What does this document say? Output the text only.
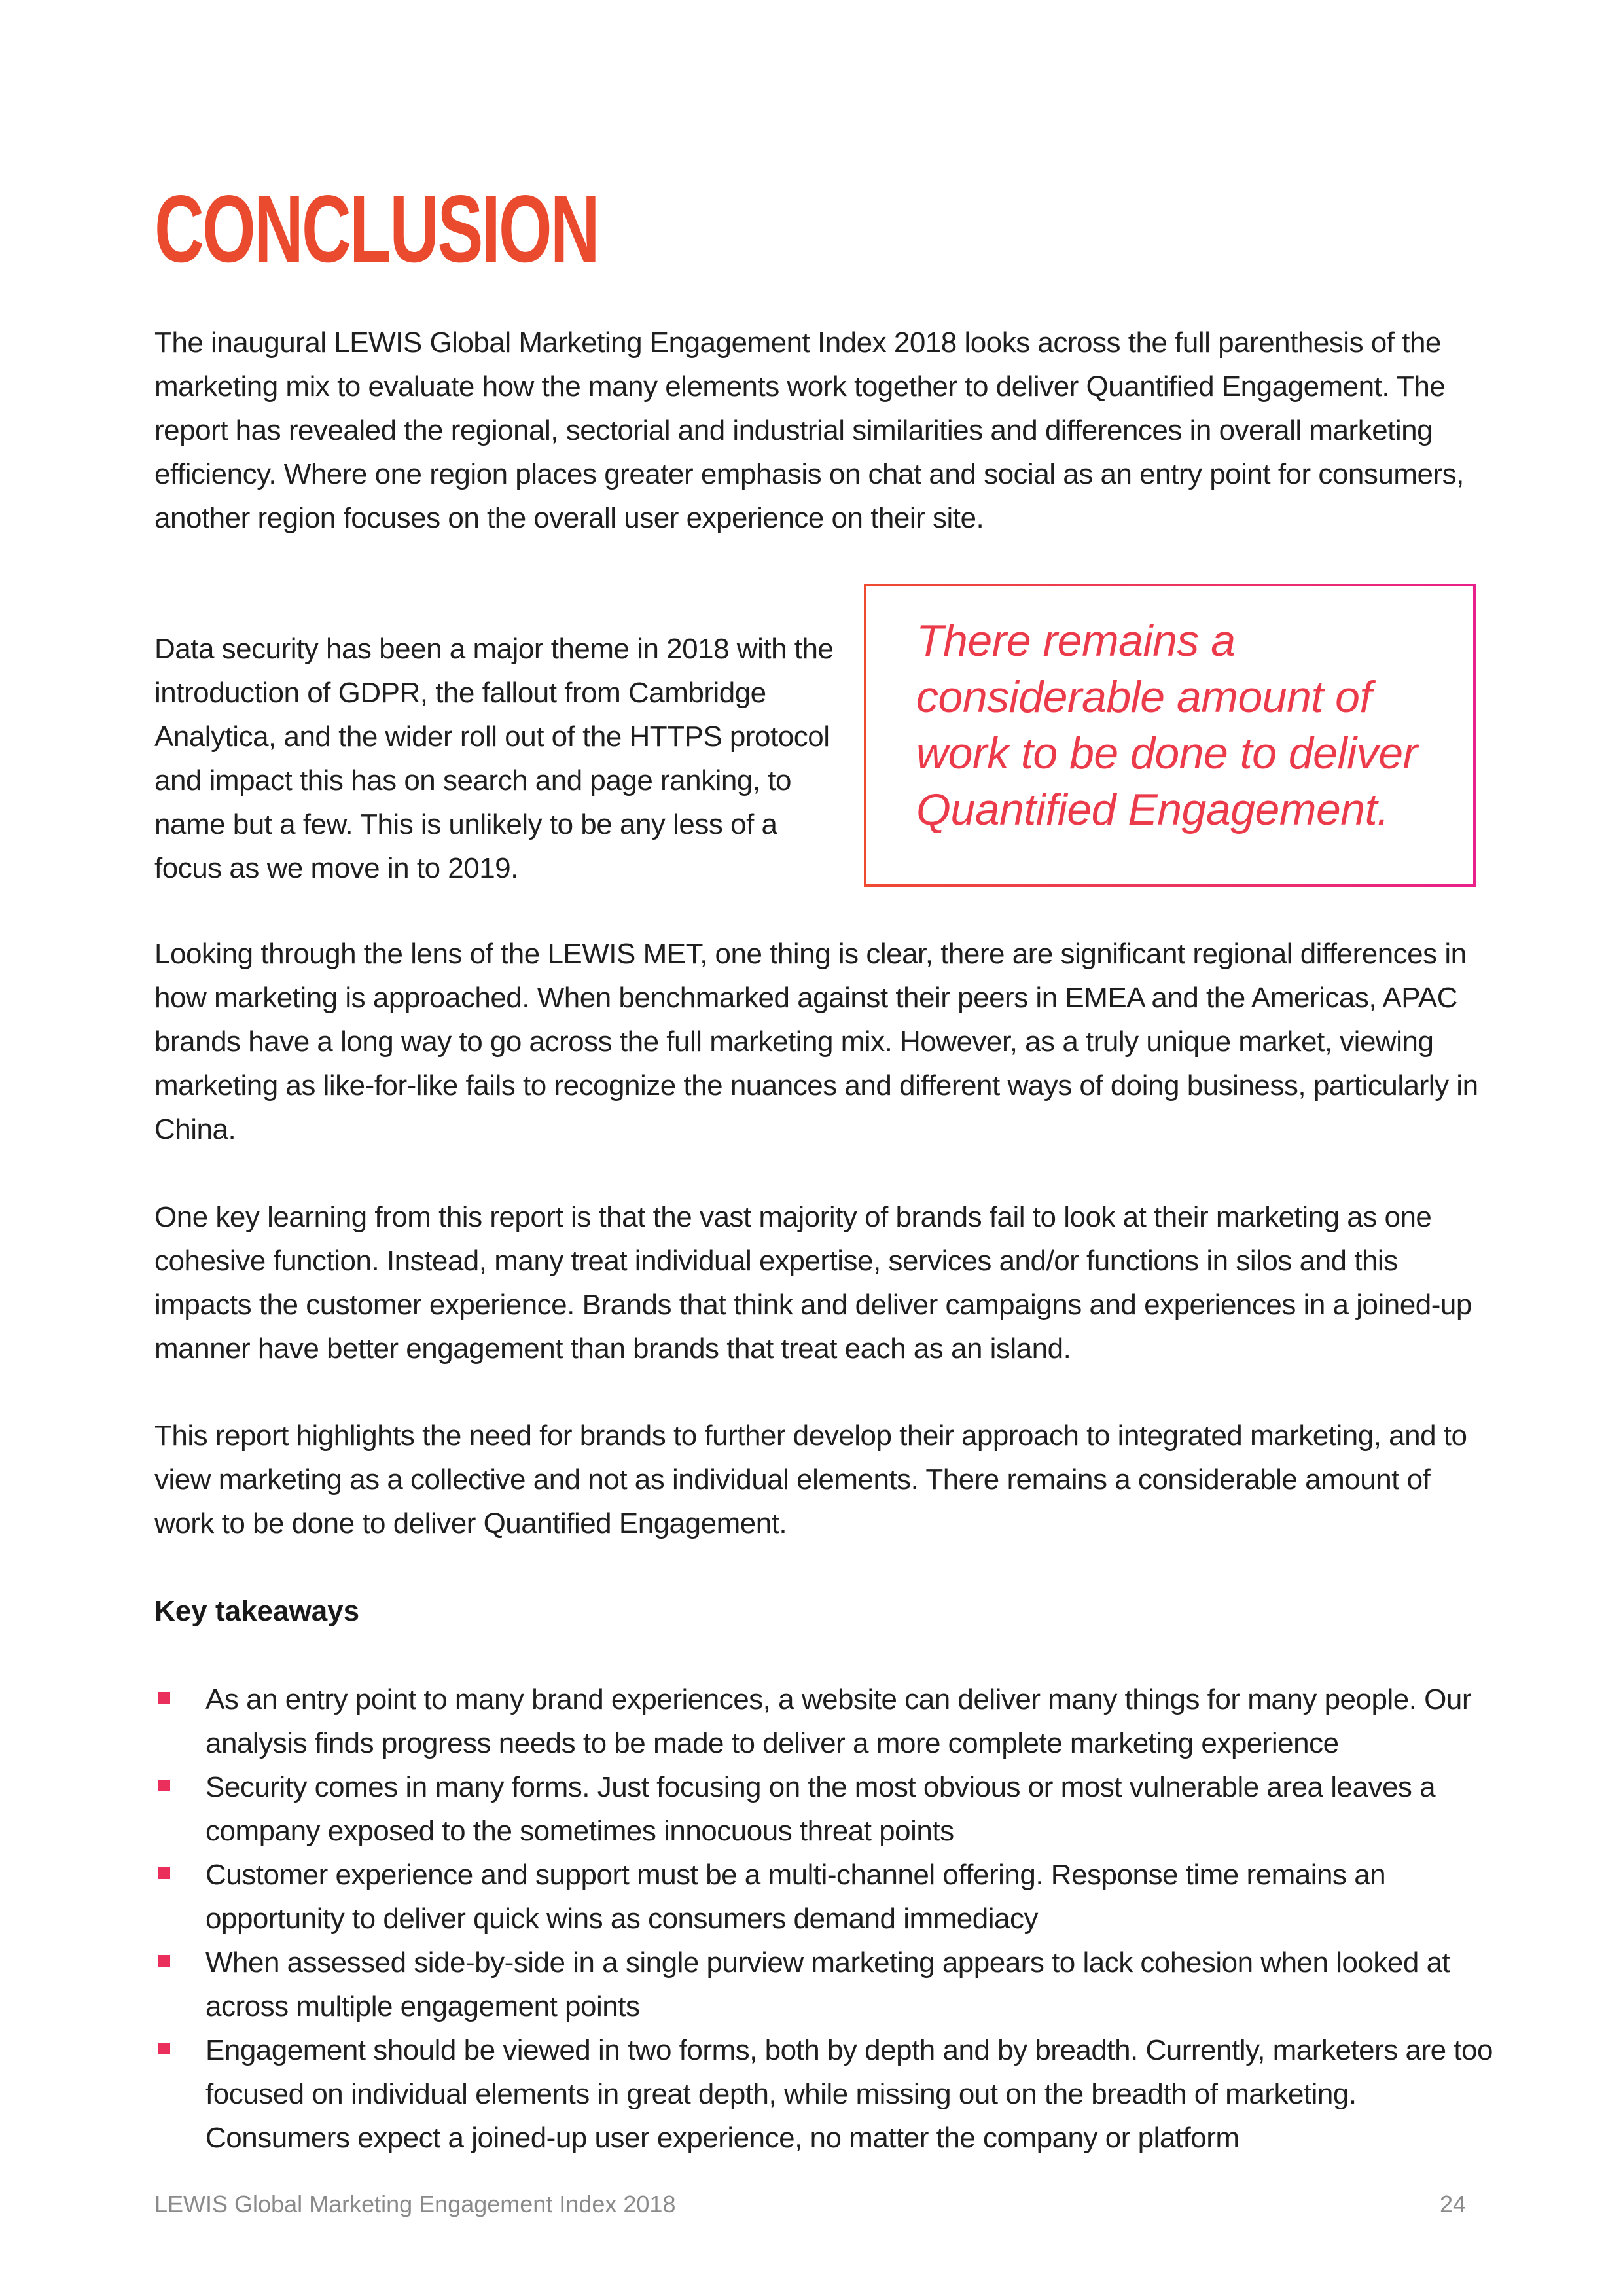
CONCLUSION

The inaugural LEWIS Global Marketing Engagement Index 2018 looks across the full parenthesis of the marketing mix to evaluate how the many elements work together to deliver Quantified Engagement. The report has revealed the regional, sectorial and industrial similarities and differences in overall marketing efficiency. Where one region places greater emphasis on chat and social as an entry point for consumers, another region focuses on the overall user experience on their site.

Data security has been a major theme in 2018 with the introduction of GDPR, the fallout from Cambridge Analytica, and the wider roll out of the HTTPS protocol and impact this has on search and page ranking, to name but a few. This is unlikely to be any less of a focus as we move in to 2019.

There remains a considerable amount of work to be done to deliver Quantified Engagement.

Looking through the lens of the LEWIS MET, one thing is clear, there are significant regional differences in how marketing is approached. When benchmarked against their peers in EMEA and the Americas, APAC brands have a long way to go across the full marketing mix. However, as a truly unique market, viewing marketing as like-for-like fails to recognize the nuances and different ways of doing business, particularly in China.

One key learning from this report is that the vast majority of brands fail to look at their marketing as one cohesive function. Instead, many treat individual expertise, services and/or functions in silos and this impacts the customer experience. Brands that think and deliver campaigns and experiences in a joined-up manner have better engagement than brands that treat each as an island.

This report highlights the need for brands to further develop their approach to integrated marketing, and to view marketing as a collective and not as individual elements. There remains a considerable amount of work to be done to deliver Quantified Engagement.

Key takeaways
As an entry point to many brand experiences, a website can deliver many things for many people. Our analysis finds progress needs to be made to deliver a more complete marketing experience
Security comes in many forms. Just focusing on the most obvious or most vulnerable area leaves a company exposed to the sometimes innocuous threat points
Customer experience and support must be a multi-channel offering. Response time remains an opportunity to deliver quick wins as consumers demand immediacy
When assessed side-by-side in a single purview marketing appears to lack cohesion when looked at across multiple engagement points
Engagement should be viewed in two forms, both by depth and by breadth. Currently, marketers are too focused on individual elements in great depth, while missing out on the breadth of marketing. Consumers expect a joined-up user experience, no matter the company or platform

LEWIS Global Marketing Engagement Index 2018	24
